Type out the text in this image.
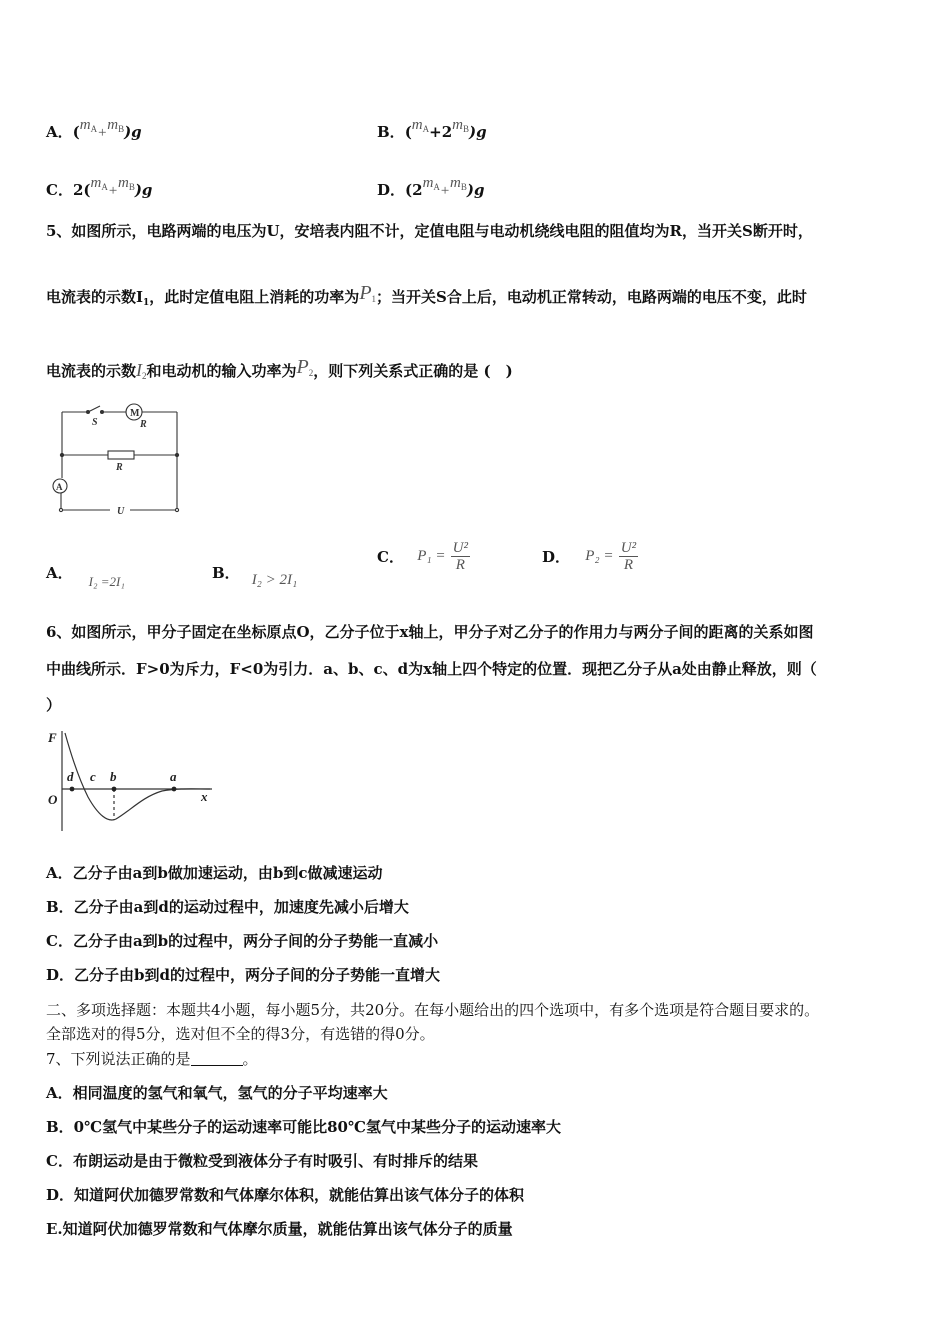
A．$(m_A+m_B)g$	B．$(m_A+2m_B)g$
C．$2(m_A+m_B)g$	D．$(2m_A+m_B)g$
5、如图所示，电路两端的电压为U，安培表内阻不计，定值电阻与电动机绕线电阻的阻值均为R，当开关S断开时，
电流表的示数$I_1$，此时定值电阻上消耗的功率为$P_1$；当开关S合上后，电动机正常转动，电路两端的电压不变，此时
电流表的示数$I_2$和电动机的输入功率为$P_2$，则下列关系式正确的是 (　)
S
M
R
R
A
U
A． I₂ =2I₁	B． I₂ > 2I₁
C． $P_1 = \frac{\text{U²}}{R}$	D． $P_2 = \frac{\text{U²}}{R}$
6、如图所示，甲分子固定在坐标原点O，乙分子位于x轴上，甲分子对乙分子的作用力与两分子间的距离的关系如图
中曲线所示．F>0为斥力，F<0为引力．a、b、c、d为x轴上四个特定的位置．现把乙分子从a处由静止释放，则（
）
F
O	x
d c b	a
A．乙分子由a到b做加速运动，由b到c做减速运动
B．乙分子由a到d的运动过程中，加速度先减小后增大
C．乙分子由a到b的过程中，两分子间的分子势能一直减小
D．乙分子由b到d的过程中，两分子间的分子势能一直增大
二、多项选择题：本题共4小题，每小题5分，共20分。在每小题给出的四个选项中，有多个选项是符合题目要求的。
全部选对的得5分，选对但不全的得3分，有选错的得0分。
7、下列说法正确的是	。
A．相同温度的氢气和氧气，氢气的分子平均速率大
B．0℃氢气中某些分子的运动速率可能比80℃氢气中某些分子的运动速率大
C．布朗运动是由于微粒受到液体分子有时吸引、有时排斥的结果
D．知道阿伏加德罗常数和气体摩尔体积，就能估算出该气体分子的体积
E.知道阿伏加德罗常数和气体摩尔质量，就能估算出该气体分子的质量
